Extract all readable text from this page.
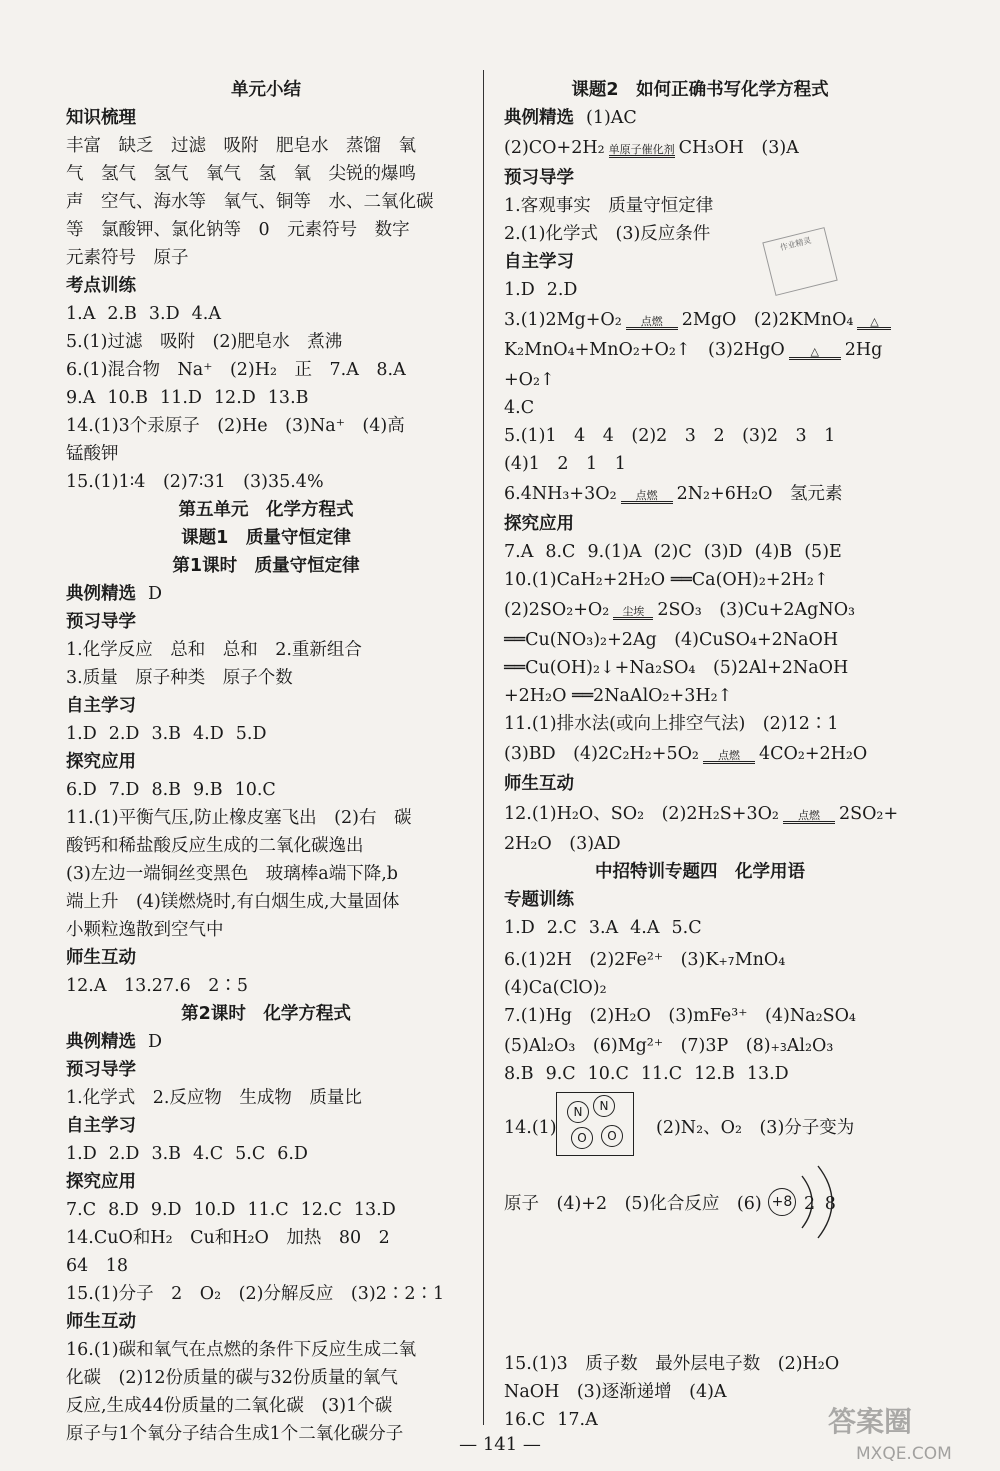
单元小结
知识梳理
丰富　缺乏　过滤　吸附　肥皂水　蒸馏　氧
气　氢气　氢气　氧气　氢　氧　尖锐的爆鸣
声　空气、海水等　氧气、铜等　水、二氧化碳
等　氯酸钾、氯化钠等　0　元素符号　数字
元素符号　原子
考点训练
1.A 2.B 3.D 4.A
5.(1)过滤　吸附　(2)肥皂水　煮沸
6.(1)混合物　Na⁺　(2)H₂　正　7.A　8.A
9.A 10.B 11.D 12.D 13.B
14.(1)3个汞原子　(2)He　(3)Na⁺　(4)高
锰酸钾
15.(1)1∶4　(2)7∶31　(3)35.4%
第五单元　化学方程式
课题1　质量守恒定律
第1课时　质量守恒定律
典例精选 D
预习导学
1.化学反应　总和　总和　2.重新组合
3.质量　原子种类　原子个数
自主学习
1.D 2.D 3.B 4.D 5.D
探究应用
6.D 7.D 8.B 9.B 10.C
11.(1)平衡气压,防止橡皮塞飞出　(2)右　碳
酸钙和稀盐酸反应生成的二氧化碳逸出
(3)左边一端铜丝变黑色　玻璃棒a端下降,b
端上升　(4)镁燃烧时,有白烟生成,大量固体
小颗粒逸散到空气中
师生互动
12.A　13.27.6　2∶5
第2课时　化学方程式
典例精选 D
预习导学
1.化学式　2.反应物　生成物　质量比
自主学习
1.D 2.D 3.B 4.C 5.C 6.D
探究应用
7.C 8.D 9.D 10.D 11.C 12.C 13.D
14.CuO和H₂　Cu和H₂O　加热　80　2
64　18
15.(1)分子　2　O₂　(2)分解反应　(3)2∶2∶1
师生互动
16.(1)碳和氧气在点燃的条件下反应生成二氧
化碳　(2)12份质量的碳与32份质量的氧气
反应,生成44份质量的二氧化碳　(3)1个碳
原子与1个氧分子结合生成1个二氧化碳分子
课题2　如何正确书写化学方程式
典例精选 (1)AC
(2)CO+2H₂ 单原子催化剂 CH₃OH　(3)A
预习导学
1.客观事实　质量守恒定律
2.(1)化学式　(3)反应条件
自主学习
1.D 2.D
3.(1)2Mg+O₂ 点燃 2MgO　(2)2KMnO₄ △
K₂MnO₄+MnO₂+O₂↑　(3)2HgO △ 2Hg
+O₂↑
4.C
5.(1)1　4　4　(2)2　3　2　(3)2　3　1
(4)1　2　1　1
6.4NH₃+3O₂ 点燃 2N₂+6H₂O　氢元素
探究应用
7.A 8.C 9.(1)A (2)C (3)D (4)B (5)E
10.(1)CaH₂+2H₂O ══Ca(OH)₂+2H₂↑
(2)2SO₂+O₂ 尘埃 2SO₃　(3)Cu+2AgNO₃
══Cu(NO₃)₂+2Ag　(4)CuSO₄+2NaOH
══Cu(OH)₂↓+Na₂SO₄　(5)2Al+2NaOH
+2H₂O ══2NaAlO₂+3H₂↑
11.(1)排水法(或向上排空气法)　(2)12∶1
(3)BD　(4)2C₂H₂+5O₂ 点燃 4CO₂+2H₂O
师生互动
12.(1)H₂O、SO₂　(2)2H₂S+3O₂ 点燃 2SO₂+
2H₂O　(3)AD
中招特训专题四　化学用语
专题训练
1.D 2.C 3.A 4.A 5.C
6.(1)2H　(2)2Fe²⁺　(3)K +7 MnO₄
(4)Ca(ClO)₂
7.(1)Hg　(2)H₂O　(3)mFe³⁺　(4)Na₂SO₄
(5)Al₂O₃　(6)Mg²⁺　(7)3P　(8) +3 Al₂O₃
8.B 9.C 10.C 11.C 12.B 13.D
14.(1)
N	N
O	O	(2)N₂、O₂　(3)分子变为
原子　(4)+2　(5)化合反应　(6) +8 2 8
15.(1)3　质子数　最外层电子数　(2)H₂O
NaOH　(3)逐渐递增　(4)A
16.C 17.A
作业精灵
— 141 —
答案圈
MXQE.COM
